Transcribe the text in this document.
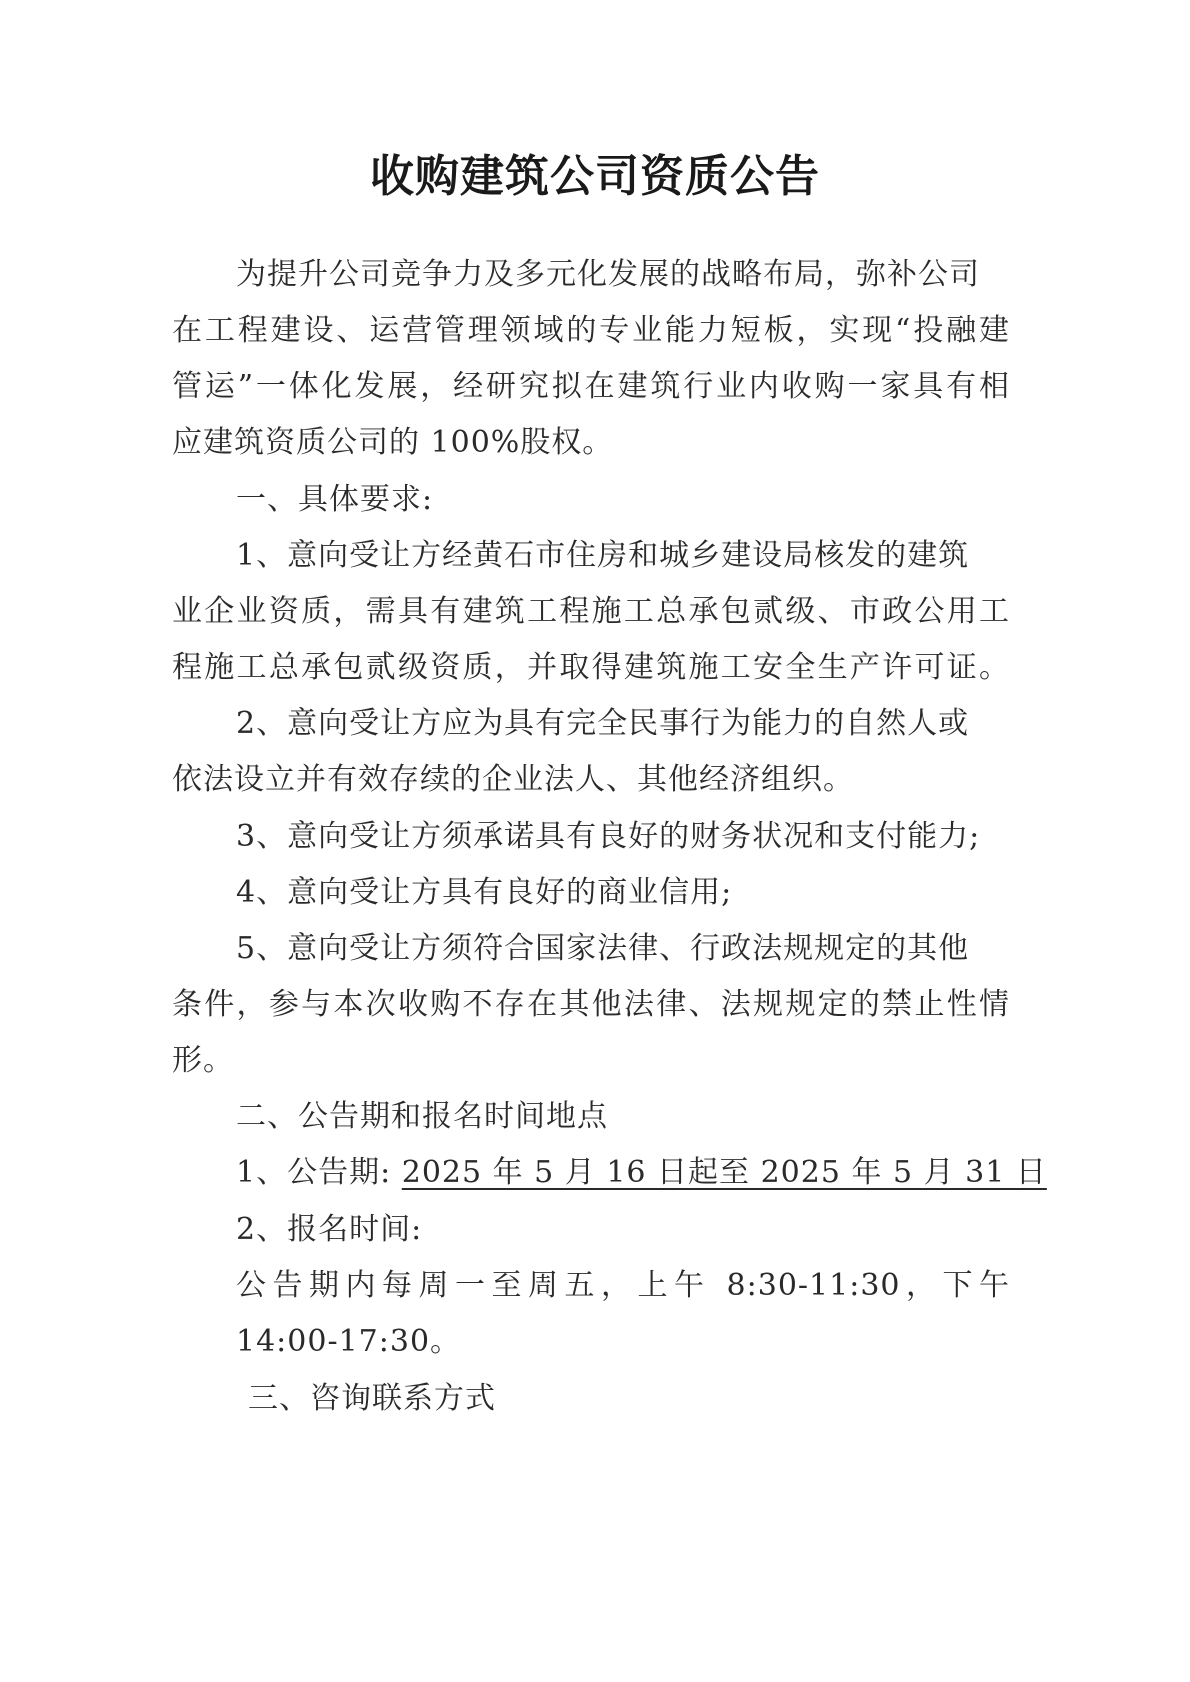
收购建筑公司资质公告
为提升公司竞争力及多元化发展的战略布局，弥补公司
在工程建设、运营管理领域的专业能力短板，实现“投融建
管运”一体化发展，经研究拟在建筑行业内收购一家具有相
应建筑资质公司的 100%股权。
一、具体要求:
1、意向受让方经黄石市住房和城乡建设局核发的建筑
业企业资质，需具有建筑工程施工总承包贰级、市政公用工
程施工总承包贰级资质，并取得建筑施工安全生产许可证。
2、意向受让方应为具有完全民事行为能力的自然人或
依法设立并有效存续的企业法人、其他经济组织。
3、意向受让方须承诺具有良好的财务状况和支付能力;
4、意向受让方具有良好的商业信用;
5、意向受让方须符合国家法律、行政法规规定的其他
条件，参与本次收购不存在其他法律、法规规定的禁止性情
形。
二、公告期和报名时间地点
1、公告期: 2025 年 5 月 16 日起至 2025 年 5 月 31 日
2、报名时间:
公告期内每周一至周五，上午 8:30-11:30，下午
14:00-17:30。
三、咨询联系方式
